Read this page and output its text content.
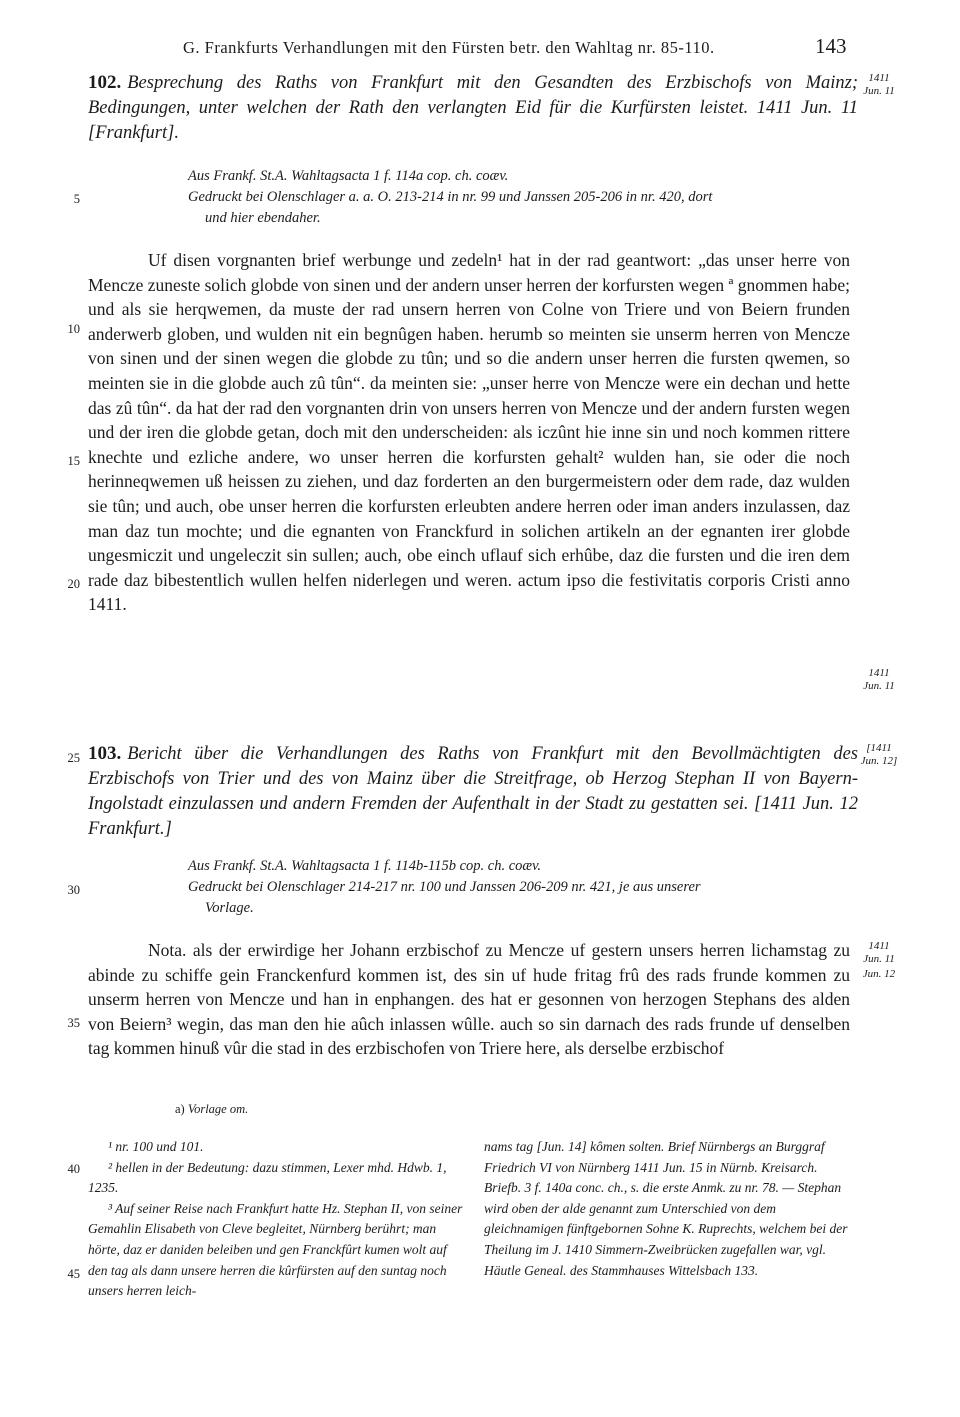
G. Frankfurts Verhandlungen mit den Fürsten betr. den Wahltag nr. 85-110.	143
102. Besprechung des Raths von Frankfurt mit den Gesandten des Erzbischofs von Mainz; Bedingungen, unter welchen der Rath den verlangten Eid für die Kurfürsten leistet. 1411 Jun. 11 [Frankfurt].
1411
Jun. 11
Aus Frankf. St.A. Wahltagsacta 1 f. 114a cop. ch. coæv.
Gedruckt bei Olenschlager a. a. O. 213-214 in nr. 99 und Janssen 205-206 in nr. 420, dort
und hier ebendaher.
Uf disen vorgnanten brief werbunge und zedeln¹ hat in der rad geantwort: „das unser herre von Mencze zuneste solich globde von sinen und der andern unser herren der korfursten wegen ª gnommen habe; und als sie herqwemen, da muste der rad unsern herren von Colne von Triere und von Beiern frunden anderwerb globen, und wulden nit ein begnûgen haben. herumb so meinten sie unserm herren von Mencze von sinen und der sinen wegen die globde zu tûn; und so die andern unser herren die fursten qwemen, so meinten sie in die globde auch zû tûn“. da meinten sie: „unser herre von Mencze were ein dechan und hette das zû tûn“. da hat der rad den vorgnanten drin von unsers herren von Mencze und der andern fursten wegen und der iren die globde getan, doch mit den underscheiden: als iczûnt hie inne sin und noch kommen rittere knechte und ezliche andere, wo unser herren die korfursten gehalt² wulden han, sie oder die noch herinneqwemen uß heissen zu ziehen, und daz forderten an den burgermeistern oder dem rade, daz wulden sie tûn; und auch, obe unser herren die korfursten erleubten andere herren oder iman anders inzulassen, daz man daz tun mochte; und die egnanten von Franckfurd in solichen artikeln an der egnanten irer globde ungesmiczit und ungeleczit sin sullen; auch, obe einch uflauf sich erhûbe, daz die fursten und die iren dem rade daz bibestentlich wullen helfen niderlegen und weren. actum ipso die festivitatis corporis Cristi anno 1411.
1411
Jun. 11
103. Bericht über die Verhandlungen des Raths von Frankfurt mit den Bevollmächtigten des Erzbischofs von Trier und des von Mainz über die Streitfrage, ob Herzog Stephan II von Bayern-Ingolstadt einzulassen und andern Fremden der Aufenthalt in der Stadt zu gestatten sei. [1411 Jun. 12 Frankfurt.]
[1411
Jun. 12]
Aus Frankf. St.A. Wahltagsacta 1 f. 114b-115b cop. ch. coæv.
Gedruckt bei Olenschlager 214-217 nr. 100 und Janssen 206-209 nr. 421, je aus unserer
Vorlage.
Nota. als der erwirdige her Johann erzbischof zu Mencze uf gestern unsers herren lichamstag zu abinde zu schiffe gein Franckenfurd kommen ist, des sin uf hude fritag frû des rads frunde kommen zu unserm herren von Mencze und han in enphangen. des hat er gesonnen von herzogen Stephans des alden von Beiern³ wegin, das man den hie aûch inlassen wûlle. auch so sin darnach des rads frunde uf denselben tag kommen hinuß vûr die stad in des erzbischofen von Triere here, als derselbe erzbischof
1411
Jun. 11
Jun. 12
5
10
15
20
25
30
35
40
45
a) Vorlage om.
¹ nr. 100 und 101.
² hellen in der Bedeutung: dazu stimmen, Lexer mhd. Hdwb. 1, 1235.
³ Auf seiner Reise nach Frankfurt hatte Hz. Stephan II, von seiner Gemahlin Elisabeth von Cleve begleitet, Nürnberg berührt; man hörte, daz er daniden beleiben und gen Franckfûrt kumen wolt auf den tag als dann unsere herren die kûrfürsten auf den suntag noch unsers herren leich-
nams tag [Jun. 14] kômen solten. Brief Nürnbergs an Burggraf Friedrich VI von Nürnberg 1411 Jun. 15 in Nürnb. Kreisarch. Briefb. 3 f. 140a conc. ch., s. die erste Anmk. zu nr. 78. — Stephan wird oben der alde genannt zum Unterschied von dem gleichnamigen fünftgebornen Sohne K. Ruprechts, welchem bei der Theilung im J. 1410 Simmern-Zweibrücken zugefallen war, vgl. Häutle Geneal. des Stammhauses Wittelsbach 133.
